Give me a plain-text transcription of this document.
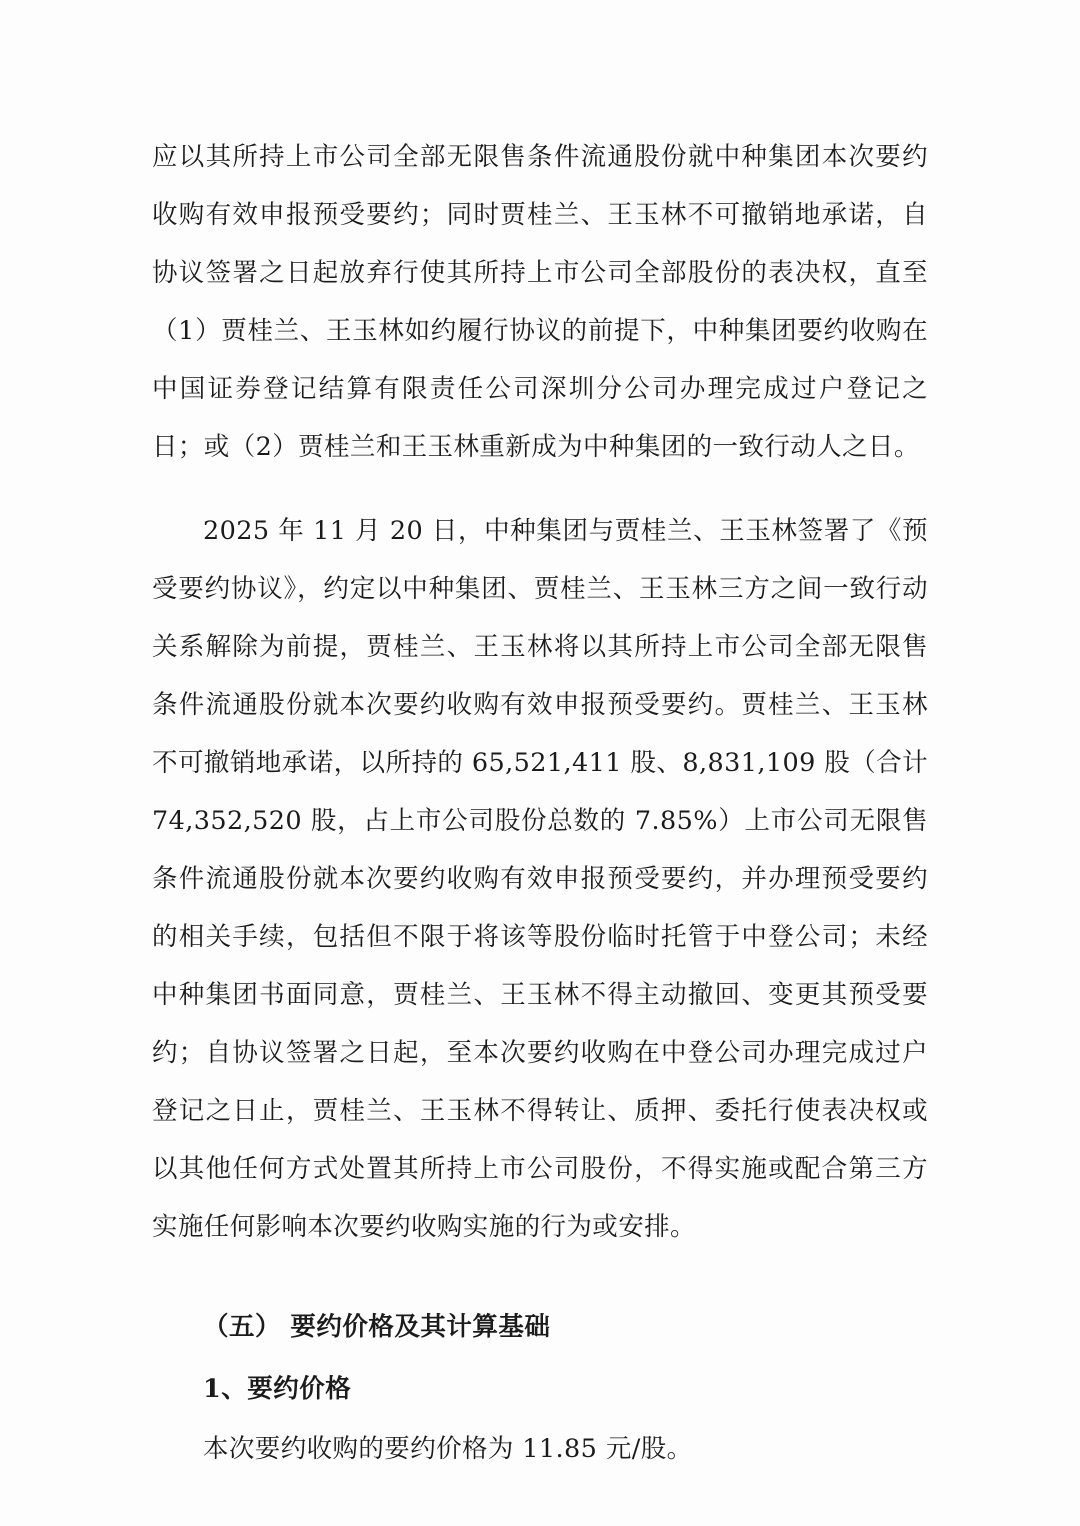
应以其所持上市公司全部无限售条件流通股份就中种集团本次要约收购有效申报预受要约；同时贾桂兰、王玉林不可撤销地承诺，自协议签署之日起放弃行使其所持上市公司全部股份的表决权，直至（1）贾桂兰、王玉林如约履行协议的前提下，中种集团要约收购在中国证券登记结算有限责任公司深圳分公司办理完成过户登记之日；或（2）贾桂兰和王玉林重新成为中种集团的一致行动人之日。

2025 年 11 月 20 日，中种集团与贾桂兰、王玉林签署了《预受要约协议》，约定以中种集团、贾桂兰、王玉林三方之间一致行动关系解除为前提，贾桂兰、王玉林将以其所持上市公司全部无限售条件流通股份就本次要约收购有效申报预受要约。贾桂兰、王玉林不可撤销地承诺，以所持的 65,521,411 股、8,831,109 股（合计 74,352,520 股，占上市公司股份总数的 7.85%）上市公司无限售条件流通股份就本次要约收购有效申报预受要约，并办理预受要约的相关手续，包括但不限于将该等股份临时托管于中登公司；未经中种集团书面同意，贾桂兰、王玉林不得主动撤回、变更其预受要约；自协议签署之日起，至本次要约收购在中登公司办理完成过户登记之日止，贾桂兰、王玉林不得转让、质押、委托行使表决权或以其他任何方式处置其所持上市公司股份，不得实施或配合第三方实施任何影响本次要约收购实施的行为或安排。

（五） 要约价格及其计算基础

1、要约价格

本次要约收购的要约价格为 11.85 元/股。
